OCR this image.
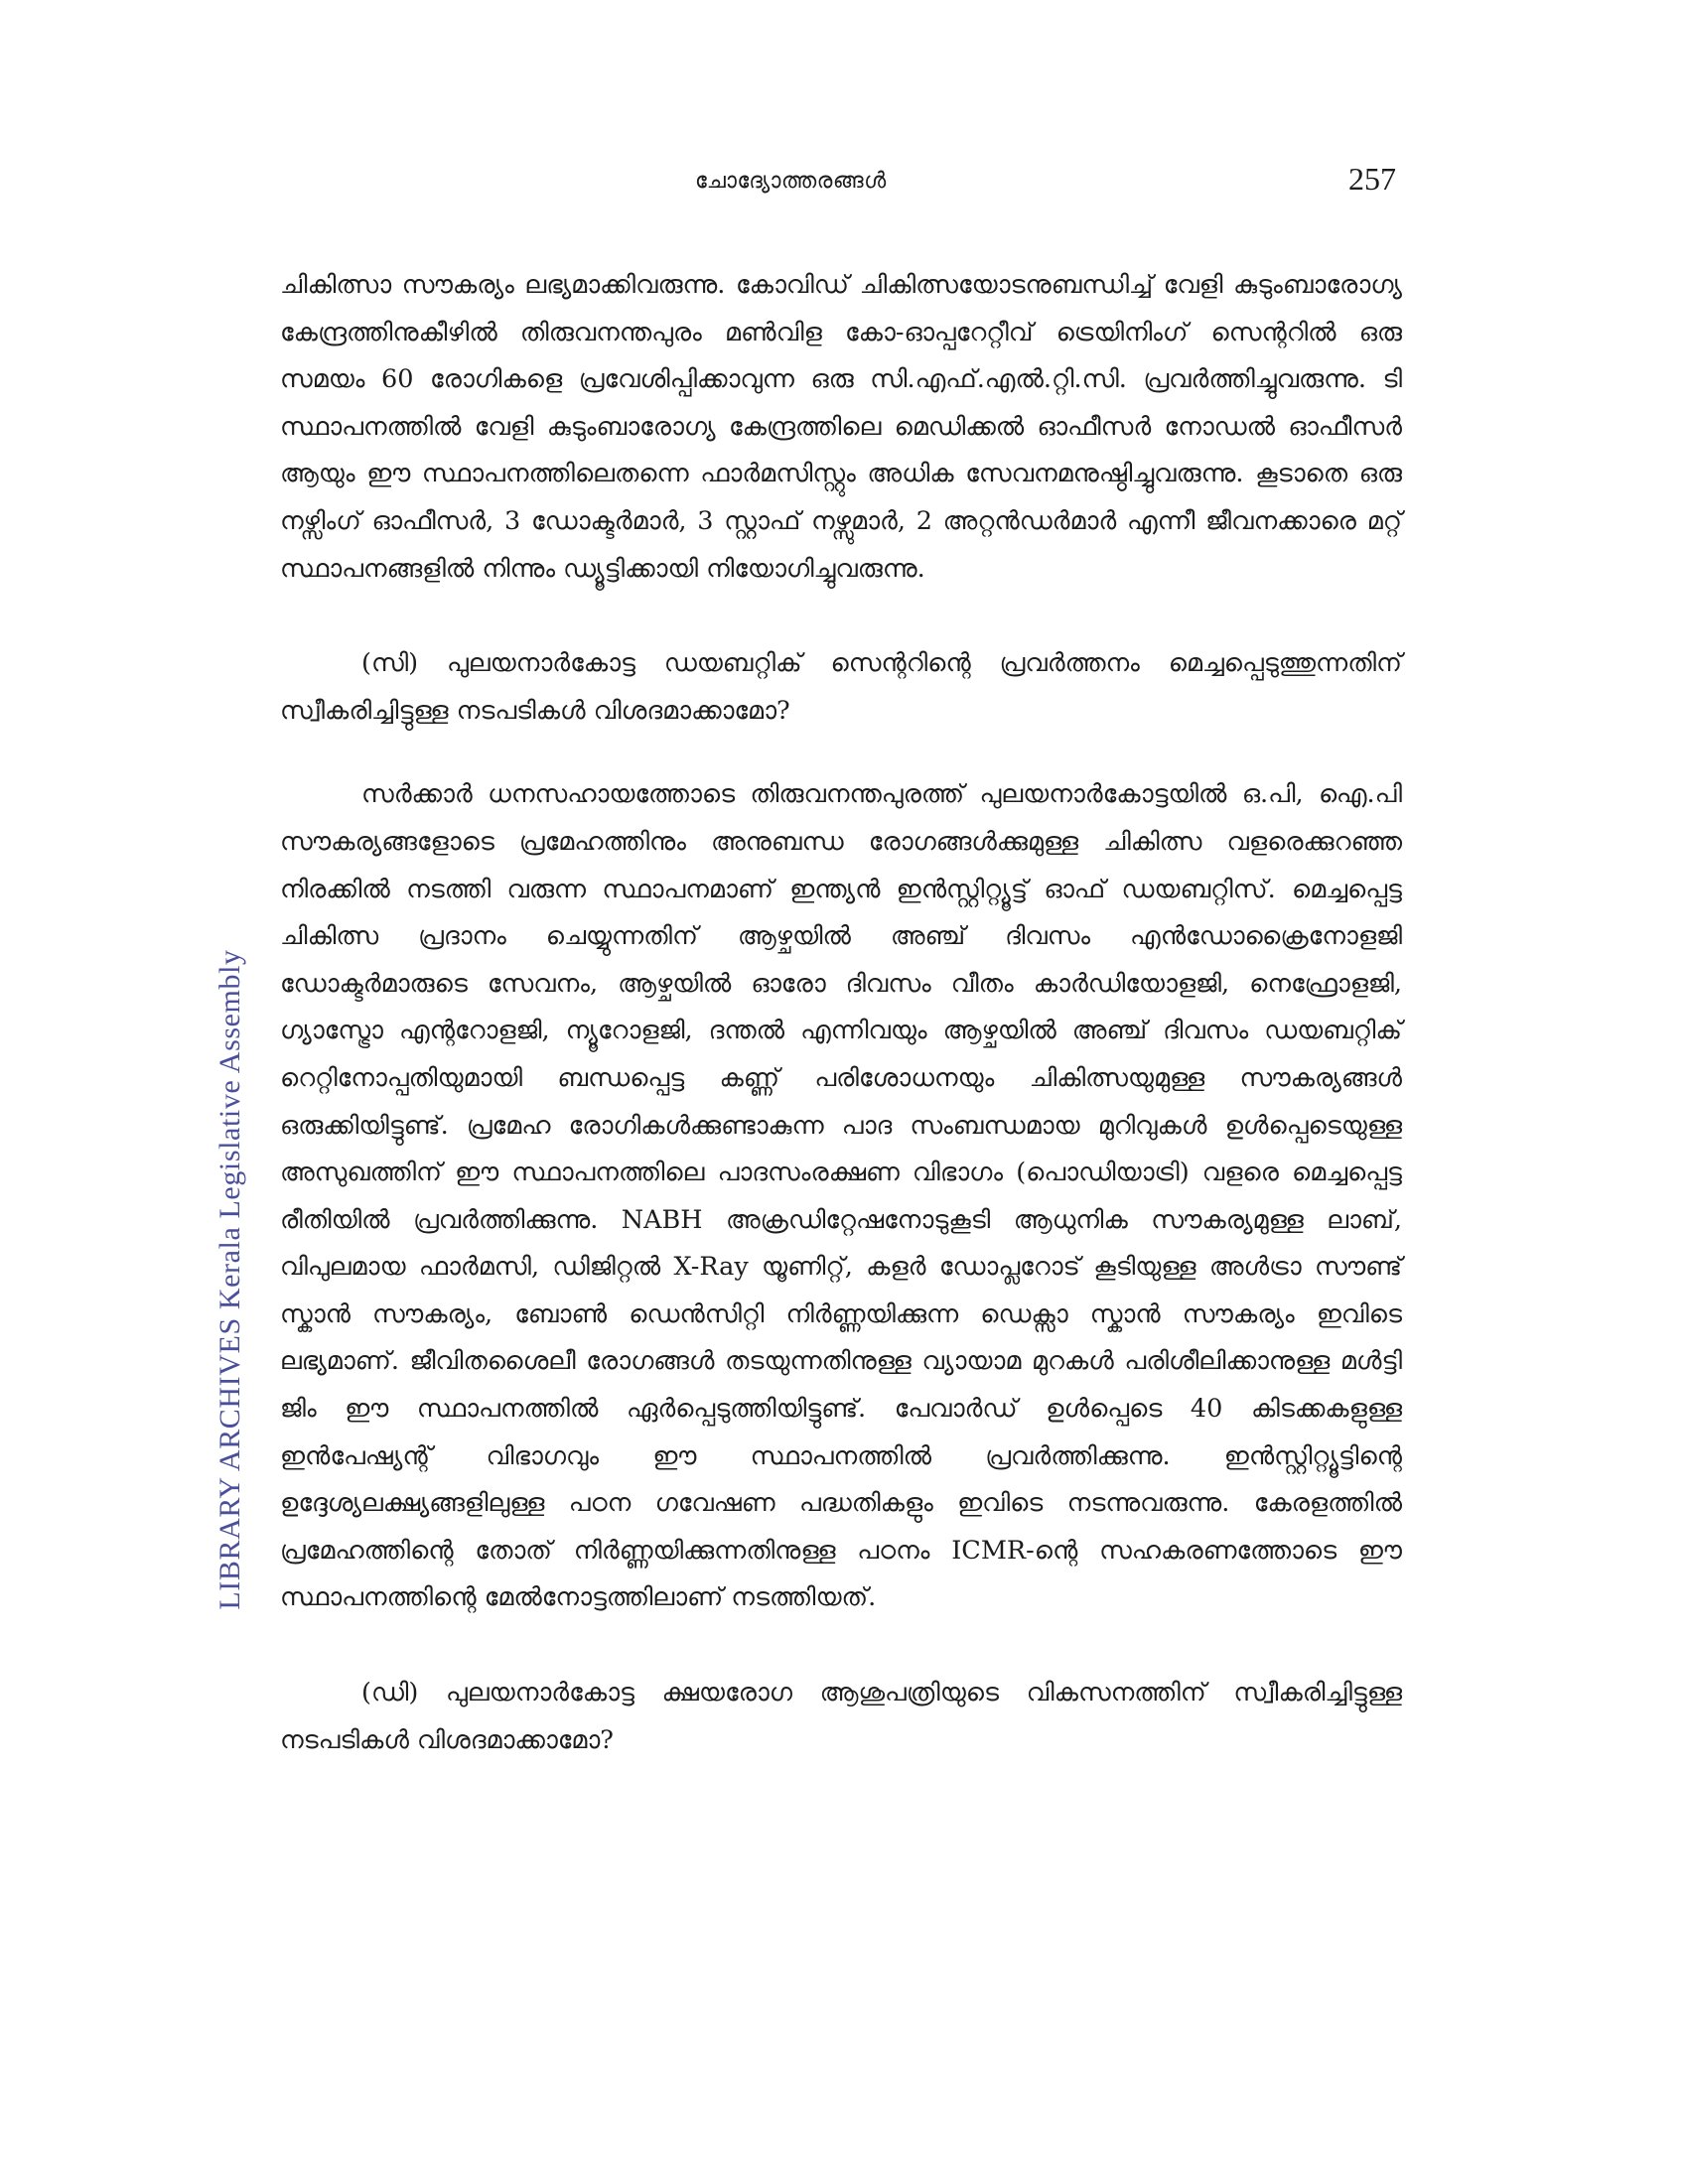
ചോദ്യോത്തരങ്ങൾ	257
LIBRARY ARCHIVES Kerala Legislative Assembly

ചികിത്സാ സൗകര്യം ലഭ്യമാക്കിവരുന്നു. കോവിഡ് ചികിത്സയോടനുബന്ധിച്ച് വേളി കുടുംബാരോഗ്യ കേന്ദ്രത്തിനുകീഴിൽ തിരുവനന്തപുരം മൺവിള കോ-ഓപ്പറേറ്റീവ് ട്രെയിനിംഗ് സെന്ററിൽ ഒരു സമയം 60 രോഗികളെ പ്രവേശിപ്പിക്കാവുന്ന ഒരു സി.എഫ്.എൽ.റ്റി.സി. പ്രവർത്തിച്ചുവരുന്നു. ടി സ്ഥാപനത്തിൽ വേളി കുടുംബാരോഗ്യ കേന്ദ്രത്തിലെ മെഡിക്കൽ ഓഫീസർ നോഡൽ ഓഫീസർ ആയും ഈ സ്ഥാപനത്തിലെതന്നെ ഫാർമസിസ്റ്റും അധിക സേവനമനുഷ്ഠിച്ചുവരുന്നു. കൂടാതെ ഒരു നഴ്സിംഗ് ഓഫീസർ, 3 ഡോക്ടർമാർ, 3 സ്റ്റാഫ് നഴ്സുമാർ, 2 അറ്റൻഡർമാർ എന്നീ ജീവനക്കാരെ മറ്റ് സ്ഥാപനങ്ങളിൽ നിന്നും ഡ്യൂട്ടിക്കായി നിയോഗിച്ചുവരുന്നു.

(സി) പുലയനാർകോട്ട ഡയബറ്റിക് സെന്ററിന്റെ പ്രവർത്തനം മെച്ചപ്പെടുത്തുന്നതിന് സ്വീകരിച്ചിട്ടുള്ള നടപടികൾ വിശദമാക്കാമോ?

സർക്കാർ ധനസഹായത്തോടെ തിരുവനന്തപുരത്ത് പുലയനാർകോട്ടയിൽ ഒ.പി, ഐ.പി സൗകര്യങ്ങളോടെ പ്രമേഹത്തിനും അനുബന്ധ രോഗങ്ങൾക്കുമുള്ള ചികിത്സ വളരെക്കുറഞ്ഞ നിരക്കിൽ നടത്തി വരുന്ന സ്ഥാപനമാണ് ഇന്ത്യൻ ഇൻസ്റ്റിറ്റ്യൂട്ട് ഓഫ് ഡയബറ്റിസ്. മെച്ചപ്പെട്ട ചികിത്സ പ്രദാനം ചെയ്യുന്നതിന് ആഴ്ചയിൽ അഞ്ച് ദിവസം എൻഡോക്രൈനോളജി ഡോക്ടർമാരുടെ സേവനം, ആഴ്ചയിൽ ഓരോ ദിവസം വീതം കാർഡിയോളജി, നെഫ്രോളജി, ഗ്യാസ്ട്രോ എന്ററോളജി, ന്യൂറോളജി, ദന്തൽ എന്നിവയും ആഴ്ചയിൽ അഞ്ച് ദിവസം ഡയബറ്റിക് റെറ്റിനോപ്പതിയുമായി ബന്ധപ്പെട്ട കണ്ണ് പരിശോധനയും ചികിത്സയുമുള്ള സൗകര്യങ്ങൾ ഒരുക്കിയിട്ടുണ്ട്. പ്രമേഹ രോഗികൾക്കുണ്ടാകുന്ന പാദ സംബന്ധമായ മുറിവുകൾ ഉൾപ്പെടെയുള്ള അസുഖത്തിന് ഈ സ്ഥാപനത്തിലെ പാദസംരക്ഷണ വിഭാഗം (പൊഡിയാട്രി) വളരെ മെച്ചപ്പെട്ട രീതിയിൽ പ്രവർത്തിക്കുന്നു. NABH അക്രഡിറ്റേഷനോടുകൂടി ആധുനിക സൗകര്യമുള്ള ലാബ്, വിപുലമായ ഫാർമസി, ഡിജിറ്റൽ X-Ray യൂണിറ്റ്, കളർ ഡോപ്ലറോട് കൂടിയുള്ള അൾട്രാ സൗണ്ട് സ്കാൻ സൗകര്യം, ബോൺ ഡെൻസിറ്റി നിർണ്ണയിക്കുന്ന ഡെക്സാ സ്കാൻ സൗകര്യം ഇവിടെ ലഭ്യമാണ്. ജീവിതശൈലീ രോഗങ്ങൾ തടയുന്നതിനുള്ള വ്യായാമ മുറകൾ പരിശീലിക്കാനുള്ള മൾട്ടി ജിം ഈ സ്ഥാപനത്തിൽ ഏർപ്പെടുത്തിയിട്ടുണ്ട്. പേവാർഡ് ഉൾപ്പെടെ 40 കിടക്കകളുള്ള ഇൻപേഷ്യന്റ് വിഭാഗവും ഈ സ്ഥാപനത്തിൽ പ്രവർത്തിക്കുന്നു. ഇൻസ്റ്റിറ്റ്യൂട്ടിന്റെ ഉദ്ദേശ്യലക്ഷ്യങ്ങളിലുള്ള പഠന ഗവേഷണ പദ്ധതികളും ഇവിടെ നടന്നുവരുന്നു. കേരളത്തിൽ പ്രമേഹത്തിന്റെ തോത് നിർണ്ണയിക്കുന്നതിനുള്ള പഠനം ICMR-ന്റെ സഹകരണത്തോടെ ഈ സ്ഥാപനത്തിന്റെ മേൽനോട്ടത്തിലാണ് നടത്തിയത്.

(ഡി) പുലയനാർകോട്ട ക്ഷയരോഗ ആശുപത്രിയുടെ വികസനത്തിന് സ്വീകരിച്ചിട്ടുള്ള നടപടികൾ വിശദമാക്കാമോ?
